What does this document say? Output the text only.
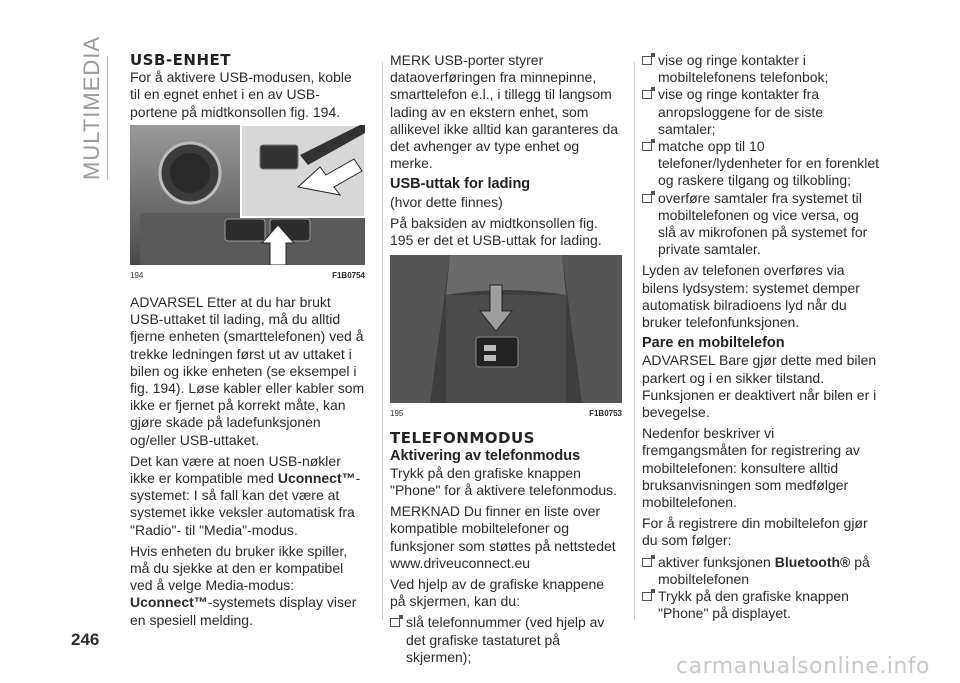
MULTIMEDIA USB-ENHET

For å aktivere USB-modusen, koble til en egnet enhet i en av USB-portene på midtkonsollen fig. 194.

194	F1B0754

ADVARSEL Etter at du har brukt USB-uttaket til lading, må du alltid fjerne enheten (smarttelefonen) ved å trekke ledningen først ut av uttaket i bilen og ikke enheten (se eksempel i fig. 194). Løse kabler eller kabler som ikke er fjernet på korrekt måte, kan gjøre skade på ladefunksjonen og/eller USB-uttaket.

Det kan være at noen USB-nøkler ikke er kompatible med Uconnect™-systemet: I så fall kan det være at systemet ikke veksler automatisk fra "Radio"- til "Media"-modus.

Hvis enheten du bruker ikke spiller, må du sjekke at den er kompatibel ved å velge Media-modus: Uconnect™-systemets display viser en spesiell melding.

MERK USB-porter styrer dataoverføringen fra minnepinne, smarttelefon e.l., i tillegg til langsom lading av en ekstern enhet, som allikevel ikke alltid kan garanteres da det avhenger av type enhet og merke.

USB-uttak for lading

(hvor dette finnes)

På baksiden av midtkonsollen fig. 195 er det et USB-uttak for lading.

195	F1B0753
TELEFONMODUS
Aktivering av telefonmodus

Trykk på den grafiske knappen "Phone" for å aktivere telefonmodus.

MERKNAD Du finner en liste over kompatible mobiltelefoner og funksjoner som støttes på nettstedet www.driveuconnect.eu

Ved hjelp av de grafiske knappene på skjermen, kan du:

slå telefonnummer (ved hjelp av det grafiske tastaturet på skjermen);
vise og ringe kontakter i mobiltelefonens telefonbok;
vise og ringe kontakter fra anropsloggene for de siste samtaler;
matche opp til 10 telefoner/lydenheter for en forenklet og raskere tilgang og tilkobling;
overføre samtaler fra systemet til mobiltelefonen og vice versa, og slå av mikrofonen på systemet for private samtaler.

Lyden av telefonen overføres via bilens lydsystem: systemet demper automatisk bilradioens lyd når du bruker telefonfunksjonen.

Pare en mobiltelefon

ADVARSEL Bare gjør dette med bilen parkert og i en sikker tilstand. Funksjonen er deaktivert når bilen er i bevegelse.

Nedenfor beskriver vi fremgangsmåten for registrering av mobiltelefonen: konsultere alltid bruksanvisningen som medfølger mobiltelefonen.

For å registrere din mobiltelefon gjør du som følger:

aktiver funksjonen Bluetooth® på mobiltelefonen
Trykk på den grafiske knappen "Phone" på displayet.
246
carmanualsonline.info
